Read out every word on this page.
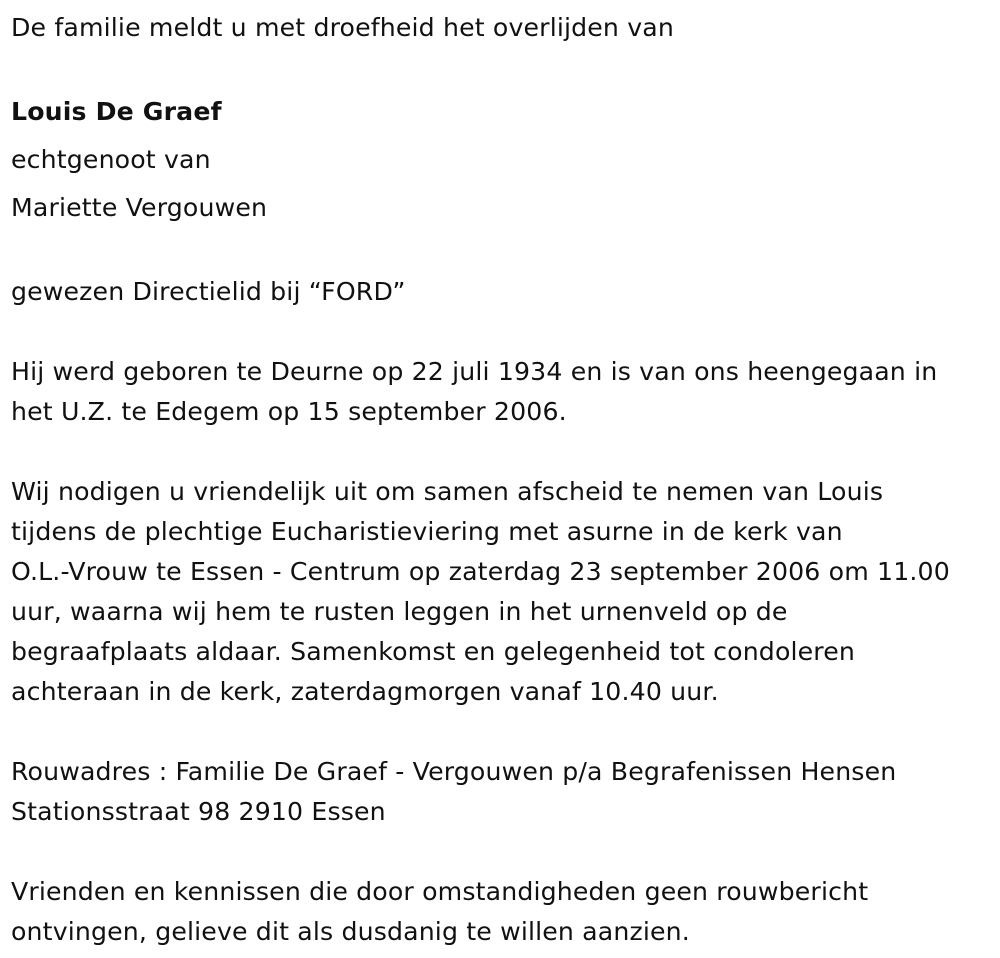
De familie meldt u met droefheid het overlijden van
Louis De Graef
echtgenoot van
Mariette Vergouwen
gewezen Directielid bij “FORD”
Hij werd geboren te Deurne op 22 juli 1934 en is van ons heengegaan in
het U.Z. te Edegem op 15 september 2006.
Wij nodigen u vriendelijk uit om samen afscheid te nemen van Louis
tijdens de plechtige Eucharistieviering met asurne in de kerk van
O.L.-Vrouw te Essen - Centrum op zaterdag 23 september 2006 om 11.00
uur, waarna wij hem te rusten leggen in het urnenveld op de
begraafplaats aldaar. Samenkomst en gelegenheid tot condoleren
achteraan in de kerk, zaterdagmorgen vanaf 10.40 uur.
Rouwadres : Familie De Graef - Vergouwen p/a Begrafenissen Hensen
Stationsstraat 98 2910 Essen
Vrienden en kennissen die door omstandigheden geen rouwbericht
ontvingen, gelieve dit als dusdanig te willen aanzien.
